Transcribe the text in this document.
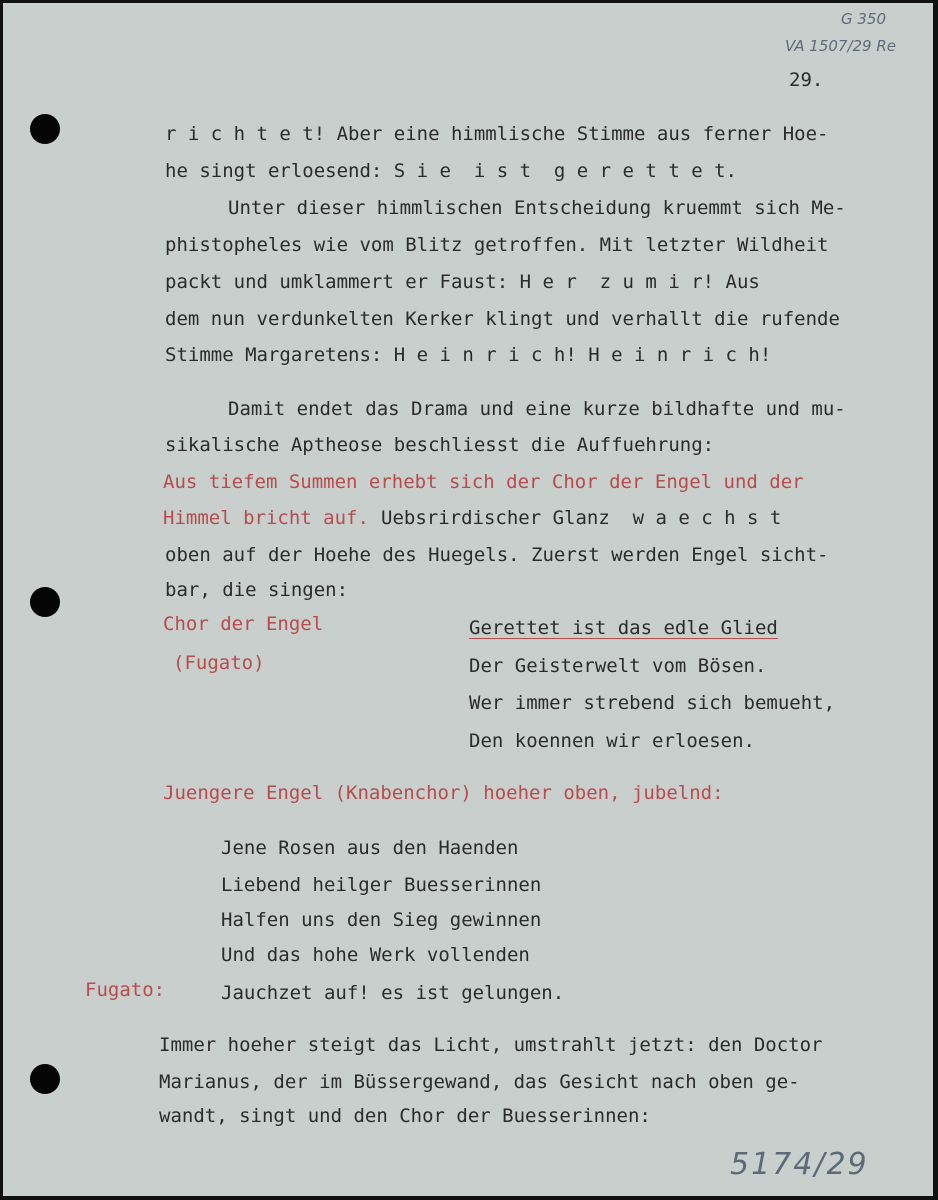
G 350
VA 1507/29 Re
29.
r i c h t e t! Aber eine himmlische Stimme aus ferner Hoe-
he singt erloesend: S i e  i s t  g e r e t t e t.
Unter dieser himmlischen Entscheidung kruemmt sich Me-
phistopheles wie vom Blitz getroffen. Mit letzter Wildheit
packt und umklammert er Faust: H e r  z u m i r! Aus
dem nun verdunkelten Kerker klingt und verhallt die rufende
Stimme Margaretens: H e i n r i c h! H e i n r i c h!
Damit endet das Drama und eine kurze bildhafte und mu-
sikalische Aptheose beschliesst die Auffuehrung:
Aus tiefem Summen erhebt sich der Chor der Engel und der
Himmel bricht auf. Uebsrirdischer Glanz  w a e c h s t
oben auf der Hoehe des Huegels. Zuerst werden Engel sicht-
bar, die singen:
Chor der Engel
(Fugato)
Gerettet ist das edle Glied
Der Geisterwelt vom Bösen.
Wer immer strebend sich bemueht,
Den koennen wir erloesen.
Juengere Engel (Knabenchor) hoeher oben, jubelnd:
Jene Rosen aus den Haenden
Liebend heilger Buesserinnen
Halfen uns den Sieg gewinnen
Und das hohe Werk vollenden
Fugato:	Jauchzet auf! es ist gelungen.
Immer hoeher steigt das Licht, umstrahlt jetzt: den Doctor
Marianus, der im Büssergewand, das Gesicht nach oben ge-
wandt, singt und den Chor der Buesserinnen:
5174/29
